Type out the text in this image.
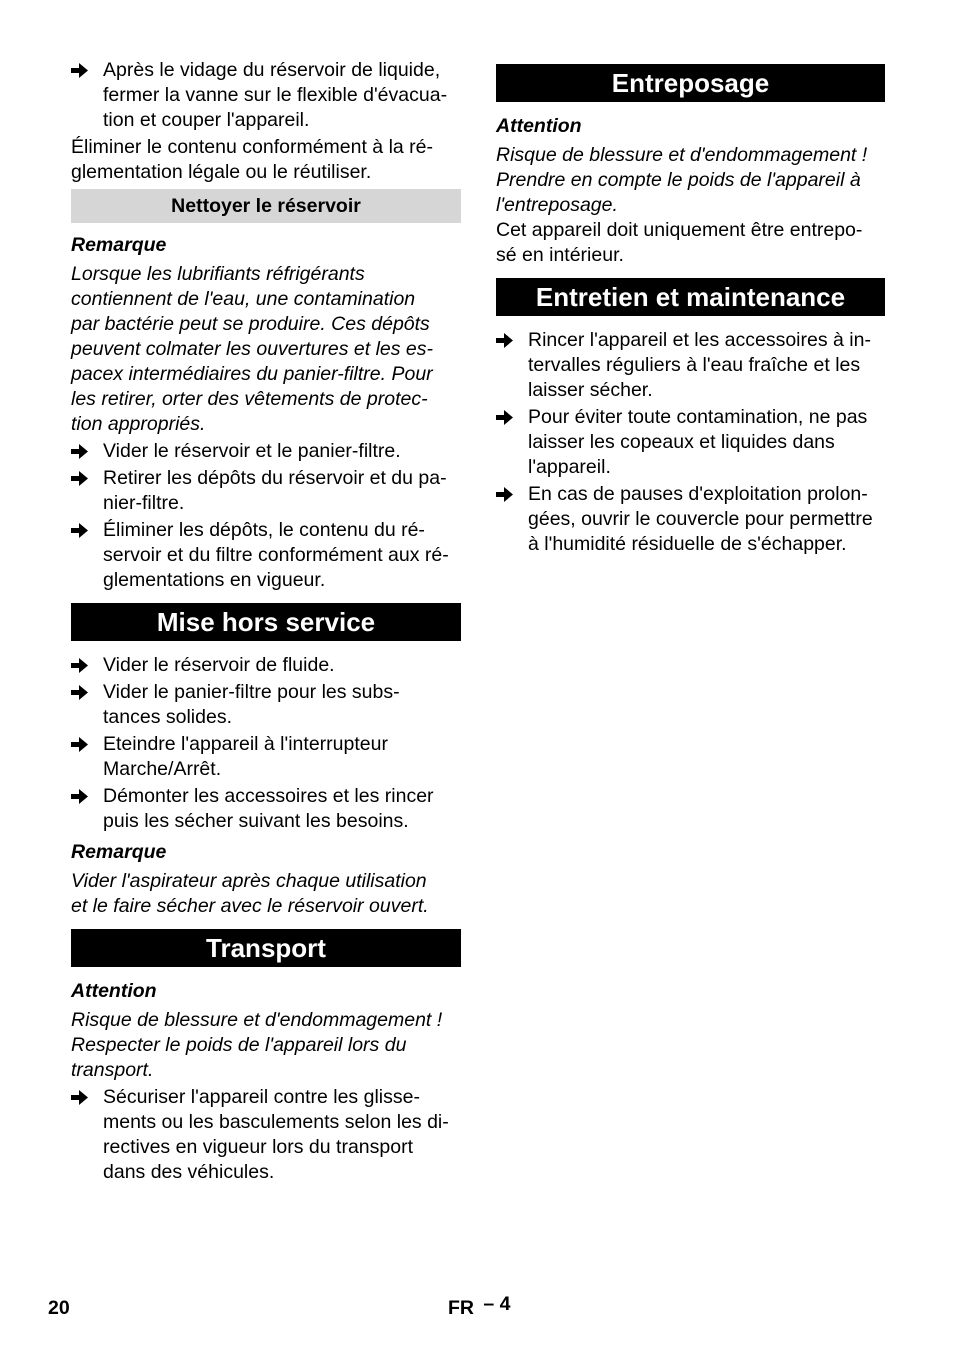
Après le vidage du réservoir de liquide,
fermer la vanne sur le flexible d'évacua-
tion et couper l'appareil.
Éliminer le contenu conformément à la ré-
glementation légale ou le réutiliser.
Nettoyer le réservoir
Remarque
Lorsque les lubrifiants réfrigérants
contiennent de l'eau, une contamination
par bactérie peut se produire. Ces dépôts
peuvent colmater les ouvertures et les es-
pacex intermédiaires du panier-filtre. Pour
les retirer, orter des vêtements de protec-
tion appropriés.
Vider le réservoir et le panier-filtre.
Retirer les dépôts du réservoir et du pa-
nier-filtre.
Éliminer les dépôts, le contenu du ré-
servoir et du filtre conformément aux ré-
glementations en vigueur.
Mise hors service
Vider le réservoir de fluide.
Vider le panier-filtre pour les subs-
tances solides.
Eteindre l'appareil à l'interrupteur
Marche/Arrêt.
Démonter les accessoires et les rincer
puis les sécher suivant les besoins.
Remarque
Vider l'aspirateur après chaque utilisation
et le faire sécher avec le réservoir ouvert.
Transport
Attention
Risque de blessure et d'endommagement !
Respecter le poids de l'appareil lors du
transport.
Sécuriser l'appareil contre les glisse-
ments ou les basculements selon les di-
rectives en vigueur lors du transport
dans des véhicules.
Entreposage
Attention
Risque de blessure et d'endommagement !
Prendre en compte le poids de l'appareil à
l'entreposage.
Cet appareil doit uniquement être entrepo-
sé en intérieur.
Entretien et maintenance
Rincer l'appareil et les accessoires à in-
tervalles réguliers à l'eau fraîche et les
laisser sécher.
Pour éviter toute contamination, ne pas
laisser les copeaux et liquides dans
l'appareil.
En cas de pauses d'exploitation prolon-
gées, ouvrir le couvercle pour permettre
à l'humidité résiduelle de s'échapper.
20	FR – 4
